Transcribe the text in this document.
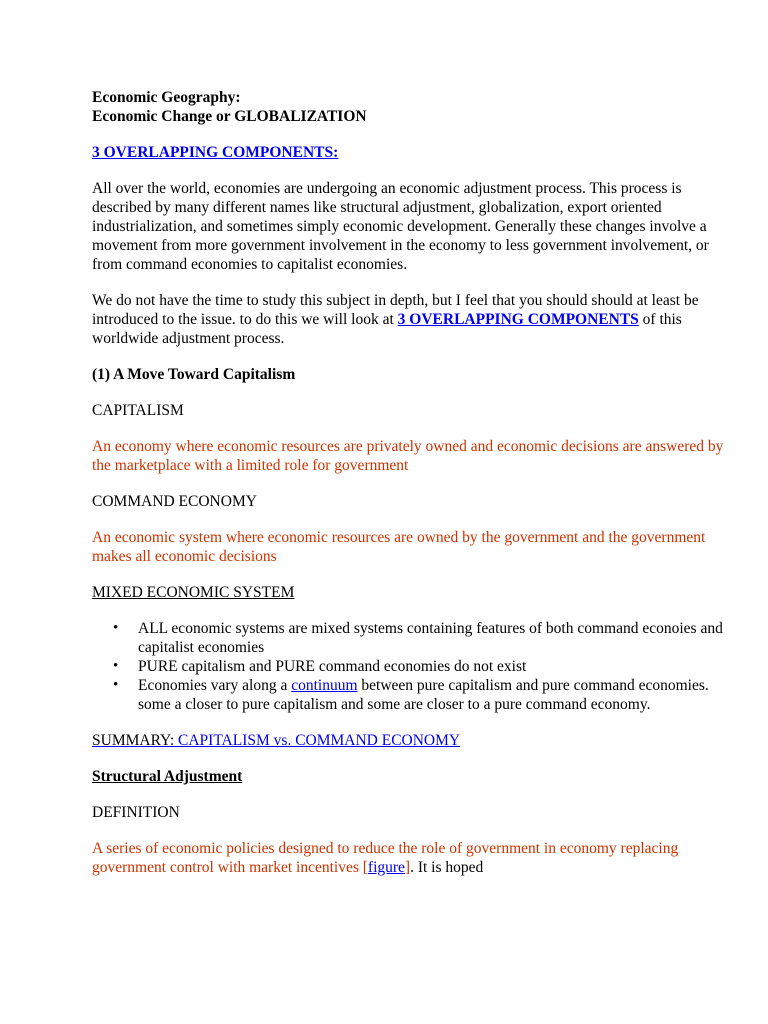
Economic Geography:

Economic Change or GLOBALIZATION

3 OVERLAPPING COMPONENTS:

All over the world, economies are undergoing an economic adjustment process. This process is described by many different names like structural adjustment, globalization, export oriented industrialization, and sometimes simply economic development. Generally these changes involve a movement from more government involvement in the economy to less government involvement, or from command economies to capitalist economies.

We do not have the time to study this subject in depth, but I feel that you should should at least be introduced to the issue. to do this we will look at 3 OVERLAPPING COMPONENTS of this worldwide adjustment process.

(1) A Move Toward Capitalism

CAPITALISM

An economy where economic resources are privately owned and economic decisions are answered by the marketplace with a limited role for government

COMMAND ECONOMY

An economic system where economic resources are owned by the government and the government makes all economic decisions

MIXED ECONOMIC SYSTEM

• ALL economic systems are mixed systems containing features of both command econoies and capitalist economies
• PURE capitalism and PURE command economies do not exist
• Economies vary along a continuum between pure capitalism and pure command economies. some a closer to pure capitalism and some are closer to a pure command economy.

SUMMARY: CAPITALISM vs. COMMAND ECONOMY

Structural Adjustment

DEFINITION

A series of economic policies designed to reduce the role of government in economy replacing government control with market incentives [figure]. It is hoped
